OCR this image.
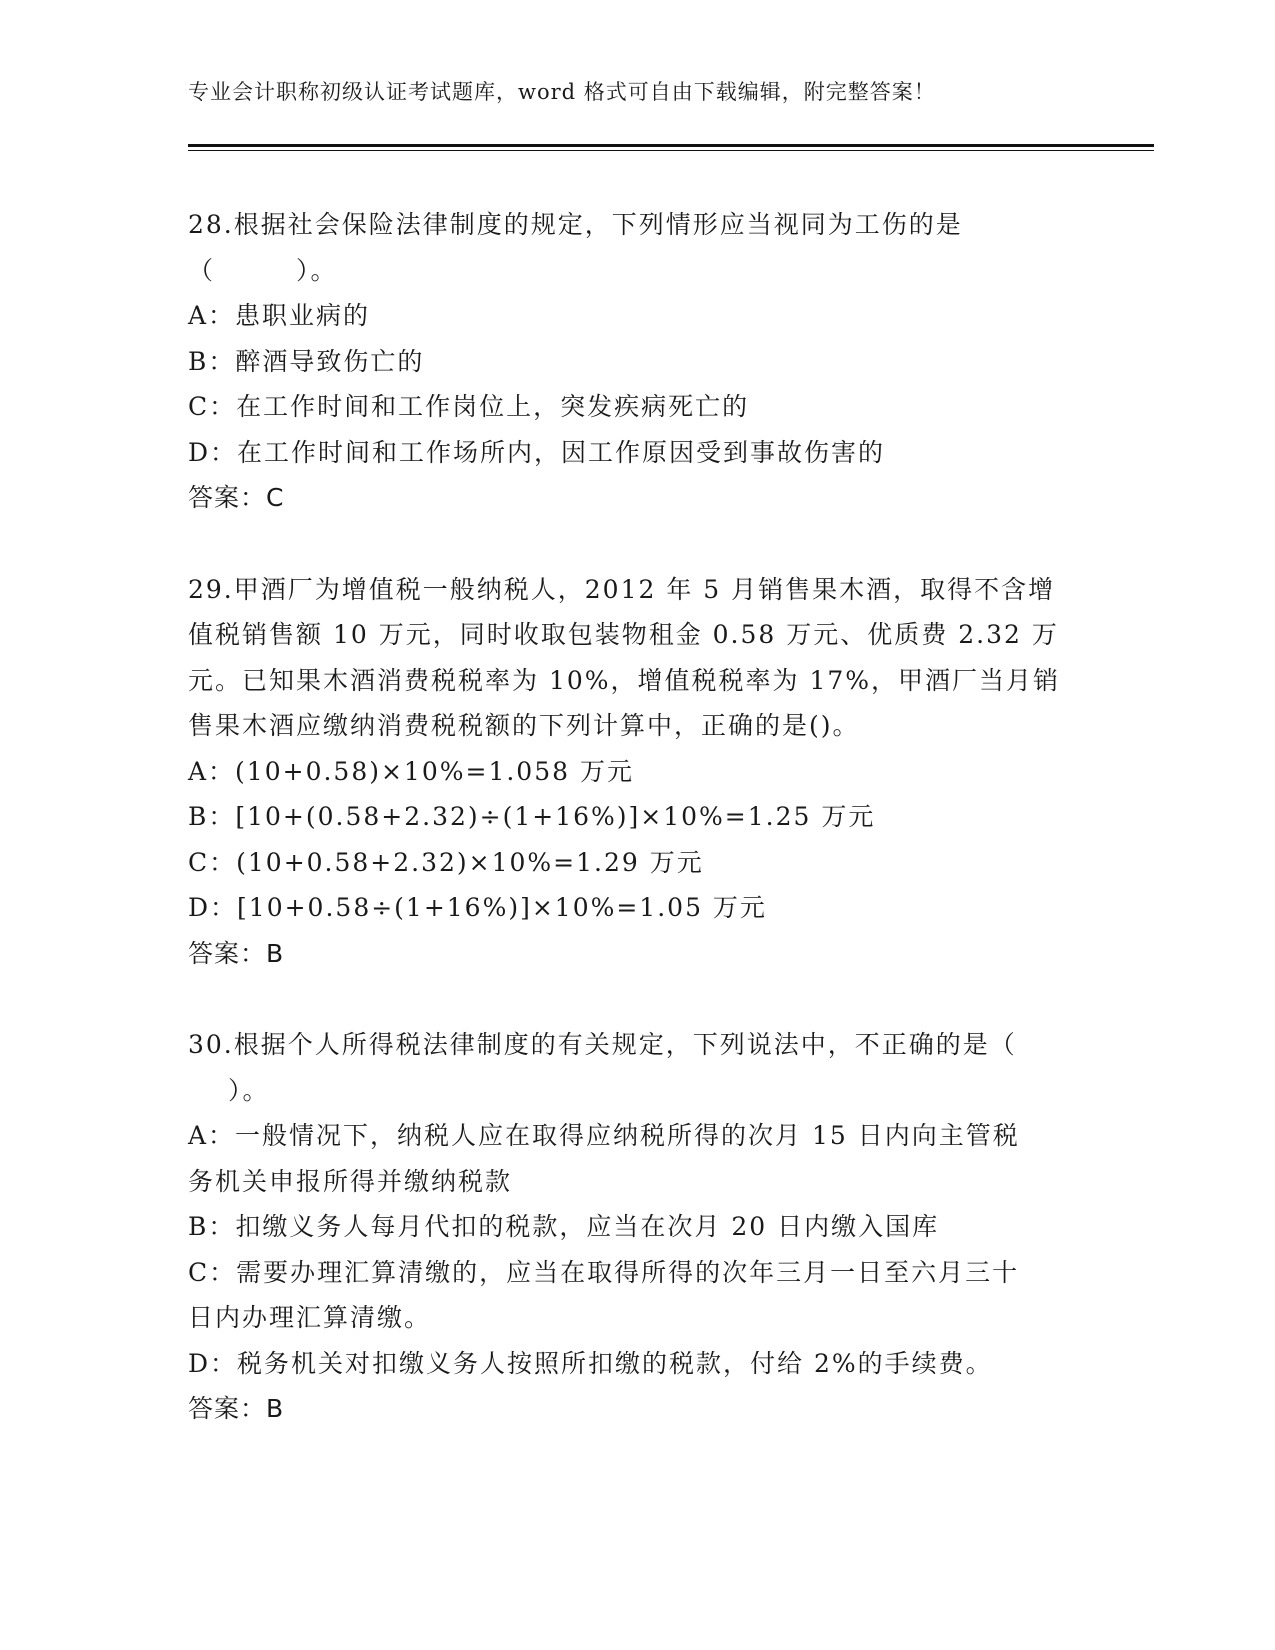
专业会计职称初级认证考试题库，word 格式可自由下载编辑，附完整答案！
28.根据社会保险法律制度的规定，下列情形应当视同为工伤的是
（　　　）。
A：患职业病的
B：醉酒导致伤亡的
C：在工作时间和工作岗位上，突发疾病死亡的
D：在工作时间和工作场所内，因工作原因受到事故伤害的
答案：C
29.甲酒厂为增值税一般纳税人，2012 年 5 月销售果木酒，取得不含增
值税销售额 10 万元，同时收取包装物租金 0.58 万元、优质费 2.32 万
元。已知果木酒消费税税率为 10%，增值税税率为 17%，甲酒厂当月销
售果木酒应缴纳消费税税额的下列计算中，正确的是()。
A：(10+0.58)×10%=1.058 万元
B：[10+(0.58+2.32)÷(1+16%)]×10%=1.25 万元
C：(10+0.58+2.32)×10%=1.29 万元
D：[10+0.58÷(1+16%)]×10%=1.05 万元
答案：B
30.根据个人所得税法律制度的有关规定，下列说法中，不正确的是（
）。
A：一般情况下，纳税人应在取得应纳税所得的次月 15 日内向主管税
务机关申报所得并缴纳税款
B：扣缴义务人每月代扣的税款，应当在次月 20 日内缴入国库
C：需要办理汇算清缴的，应当在取得所得的次年三月一日至六月三十
日内办理汇算清缴。
D：税务机关对扣缴义务人按照所扣缴的税款，付给 2%的手续费。
答案：B
